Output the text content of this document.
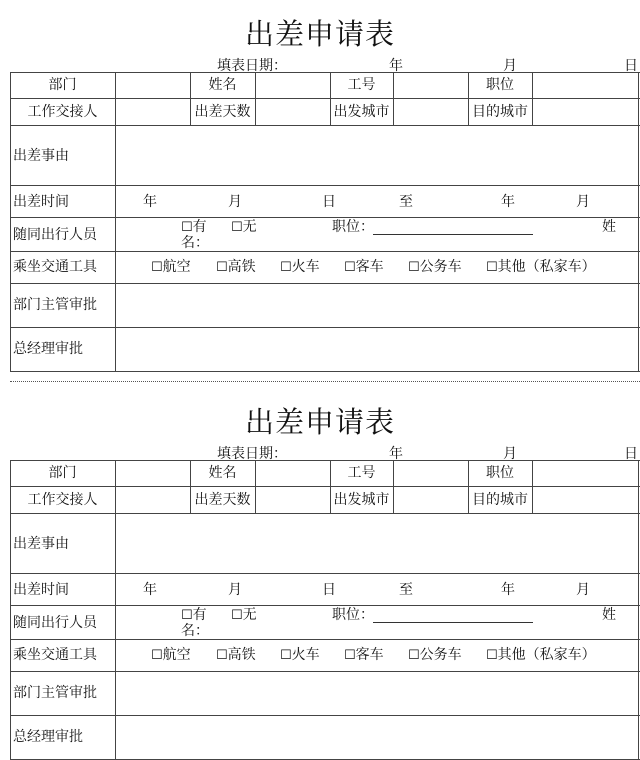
出差申请表
填表日期：	年	月	日
部门	姓名	工号	职位
工作交接人	出差天数	出发城市	目的城市
出差事由
出差时间	年	月	日	至	年	月
随同出行人员	☐有 ☐无	职位：	姓
名：
乘坐交通工具	☐航空 ☐高铁 ☐火车 ☐客车 ☐公务车 ☐其他（私家车）
部门主管审批
总经理审批
出差申请表
填表日期：	年	月	日
部门	姓名	工号	职位
工作交接人	出差天数	出发城市	目的城市
出差事由
出差时间	年	月	日	至	年	月
随同出行人员	☐有 ☐无	职位：	姓
名：
乘坐交通工具	☐航空 ☐高铁 ☐火车 ☐客车 ☐公务车 ☐其他（私家车）
部门主管审批
总经理审批
